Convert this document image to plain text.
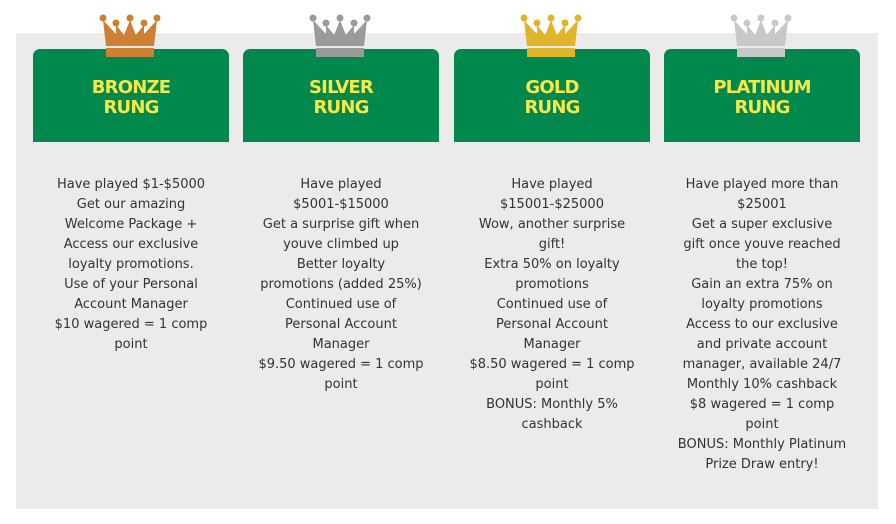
BRONZE
RUNG
Have played $1-$5000
Get our amazing
Welcome Package +
Access our exclusive
loyalty promotions.
Use of your Personal
Account Manager
$10 wagered = 1 comp
point
SILVER
RUNG
Have played
$5001-$15000
Get a surprise gift when
youve climbed up
Better loyalty
promotions (added 25%)
Continued use of
Personal Account
Manager
$9.50 wagered = 1 comp
point
GOLD
RUNG
Have played
$15001-$25000
Wow, another surprise
gift!
Extra 50% on loyalty
promotions
Continued use of
Personal Account
Manager
$8.50 wagered = 1 comp
point
BONUS: Monthly 5%
cashback
PLATINUM
RUNG
Have played more than
$25001
Get a super exclusive
gift once youve reached
the top!
Gain an extra 75% on
loyalty promotions
Access to our exclusive
and private account
manager, available 24/7
Monthly 10% cashback
$8 wagered = 1 comp
point
BONUS: Monthly Platinum
Prize Draw entry!
